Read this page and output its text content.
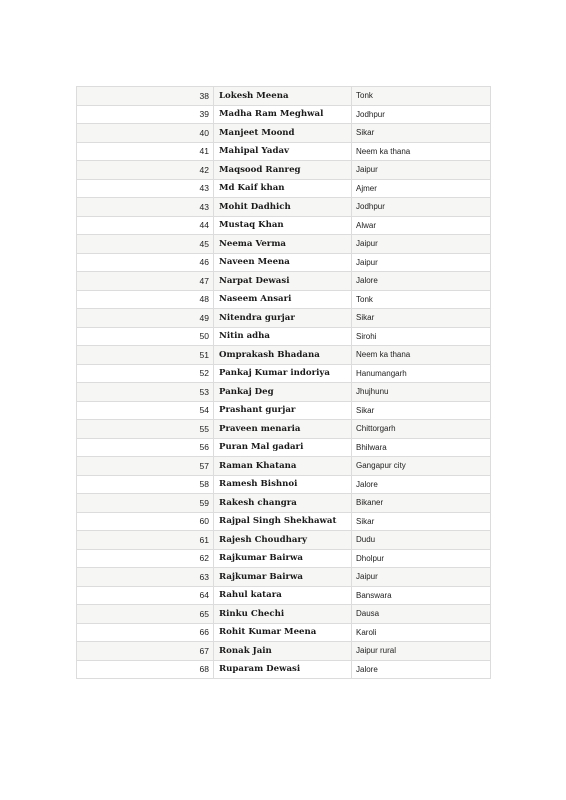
38	Lokesh Meena	Tonk
39	Madha Ram Meghwal	Jodhpur
40	Manjeet Moond	Sikar
41	Mahipal Yadav	Neem ka thana
42	Maqsood Ranreg	Jaipur
43	Md Kaif khan	Ajmer
43	Mohit Dadhich	Jodhpur
44	Mustaq Khan	Alwar
45	Neema Verma	Jaipur
46	Naveen Meena	Jaipur
47	Narpat Dewasi	Jalore
48	Naseem Ansari	Tonk
49	Nitendra gurjar	Sikar
50	Nitin adha	Sirohi
51	Omprakash Bhadana	Neem ka thana
52	Pankaj Kumar indoriya	Hanumangarh
53	Pankaj Deg	Jhujhunu
54	Prashant gurjar	Sikar
55	Praveen menaria	Chittorgarh
56	Puran Mal gadari	Bhilwara
57	Raman Khatana	Gangapur city
58	Ramesh Bishnoi	Jalore
59	Rakesh changra	Bikaner
60	Rajpal Singh Shekhawat	Sikar
61	Rajesh Choudhary	Dudu
62	Rajkumar Bairwa	Dholpur
63	Rajkumar Bairwa	Jaipur
64	Rahul katara	Banswara
65	Rinku Chechi	Dausa
66	Rohit Kumar Meena	Karoli
67	Ronak Jain	Jaipur rural
68	Ruparam Dewasi	Jalore
